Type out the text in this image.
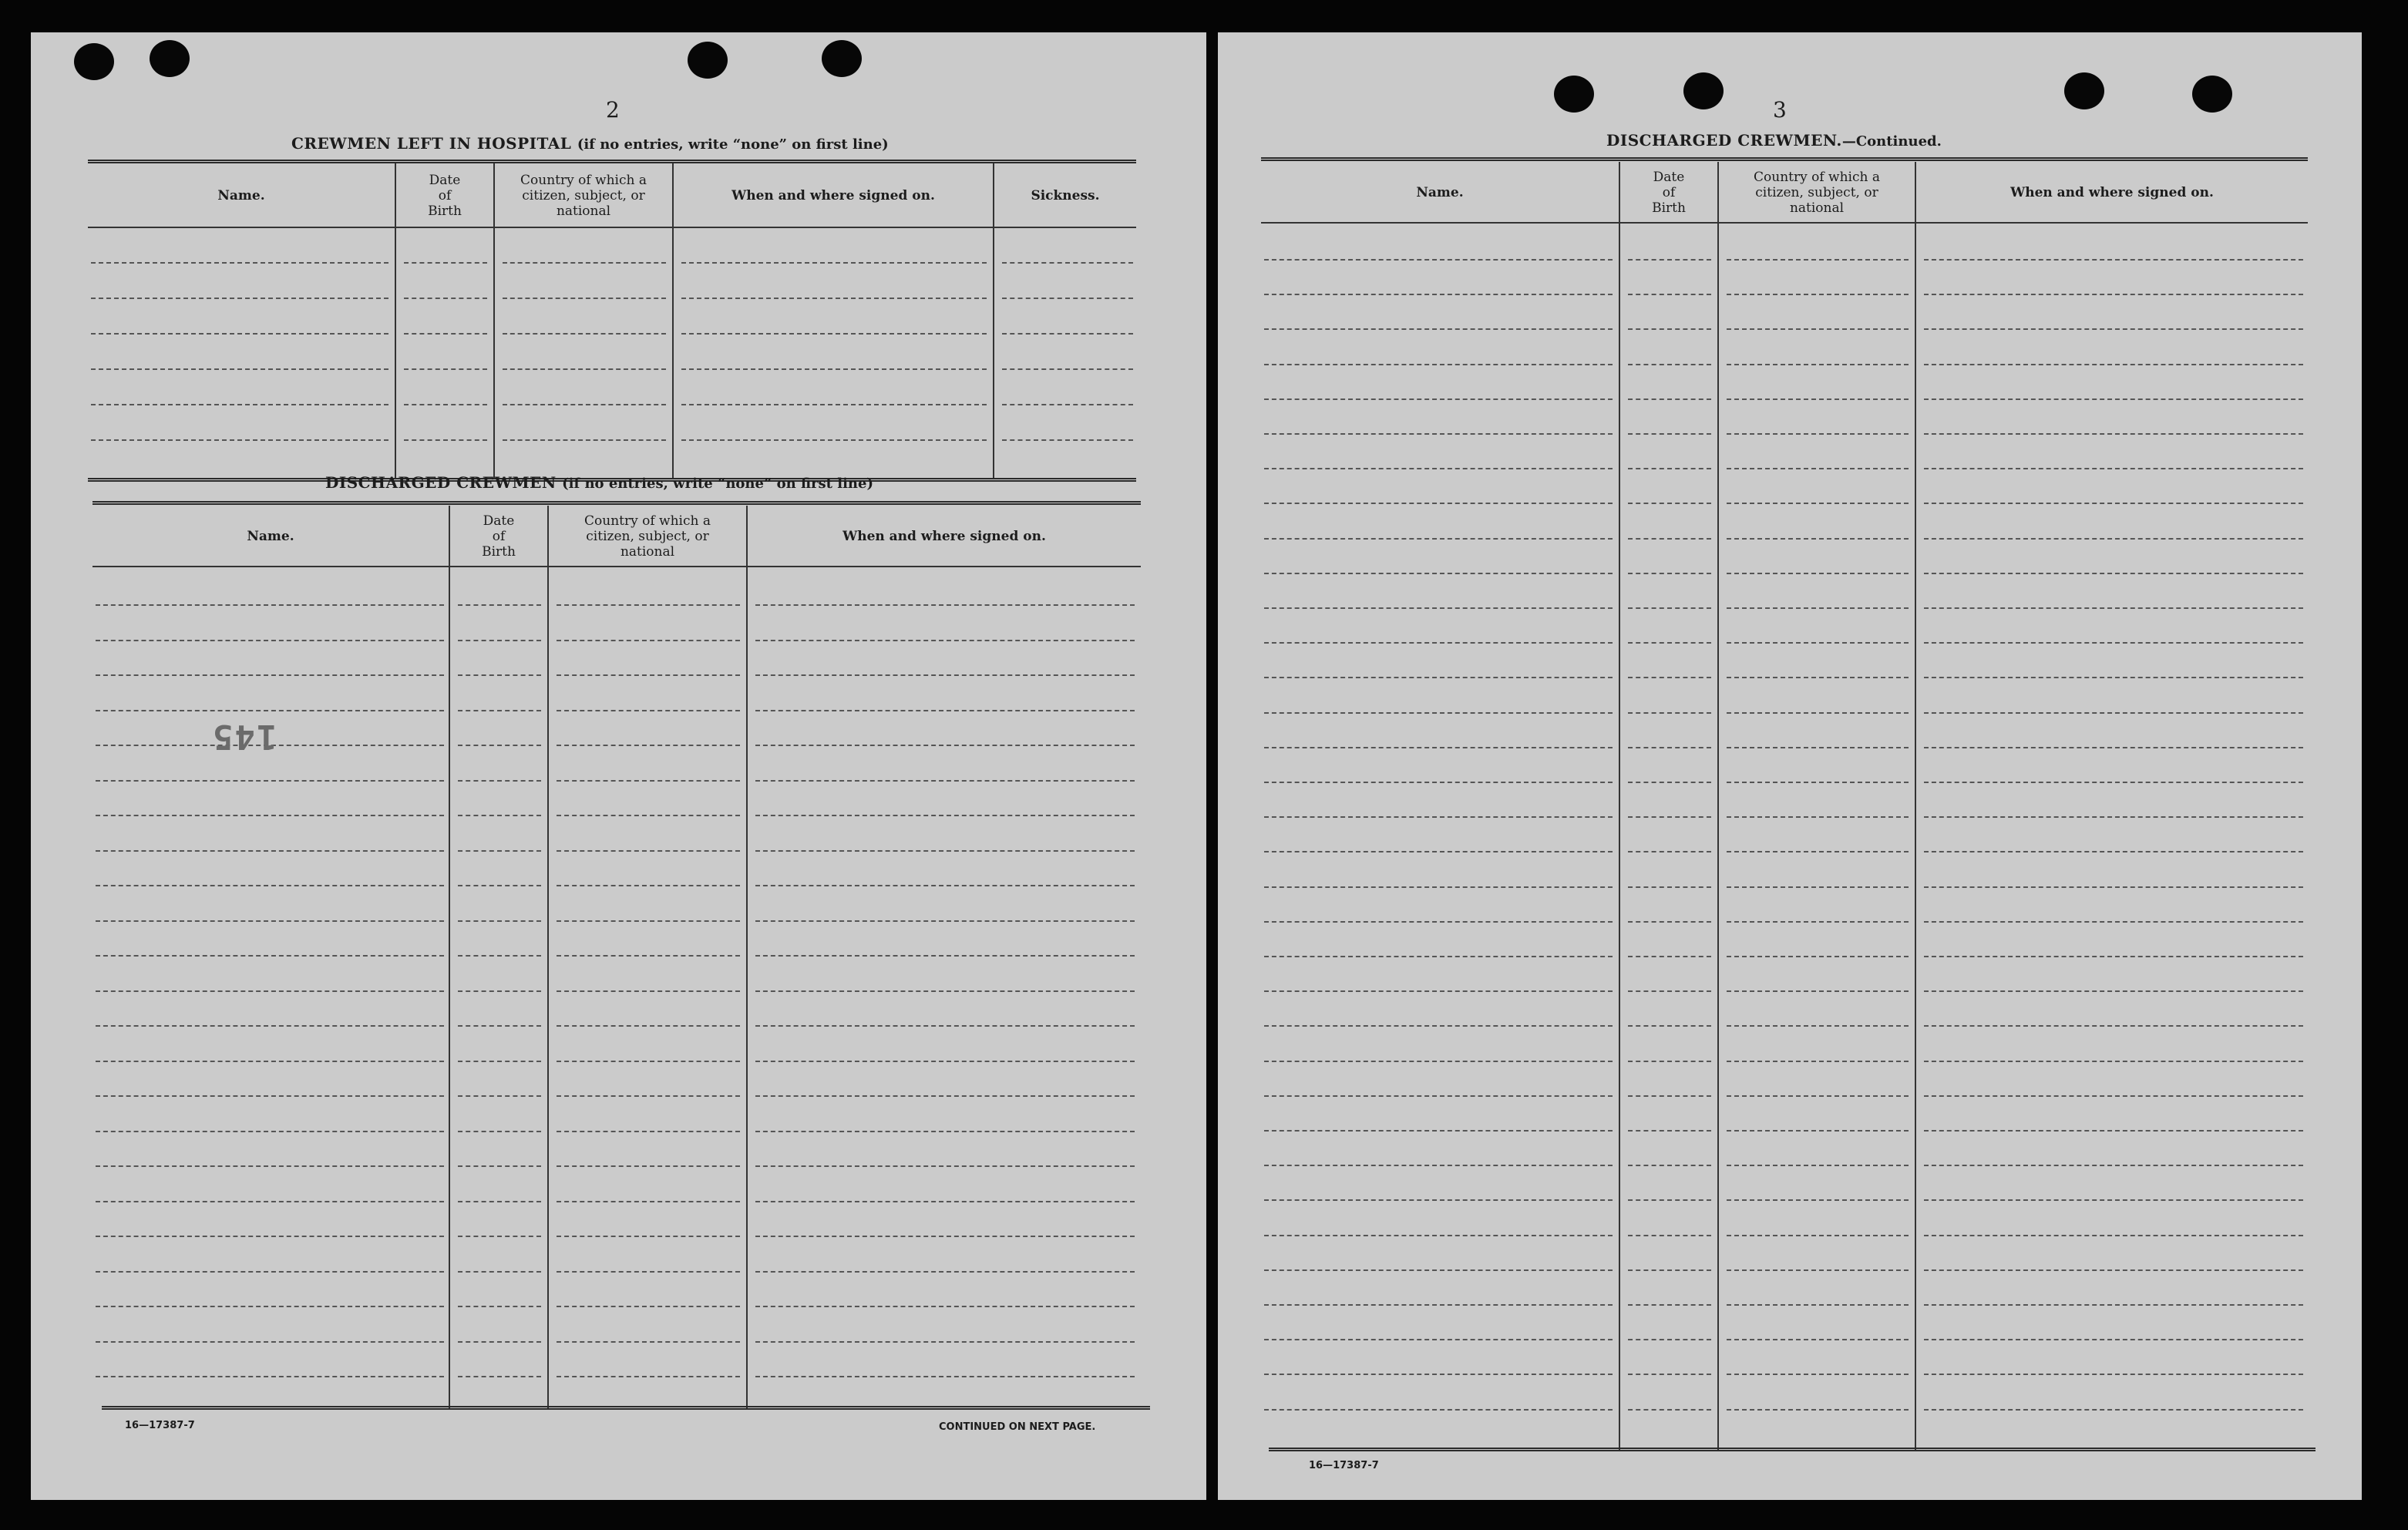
2
CREWMEN LEFT IN HOSPITAL (if no entries, write “none” on first line)
Name.
Date
of
Birth
Country of which a
citizen, subject, or
national
When and where signed on.	Sickness.
DISCHARGED CREWMEN (if no entries, write “none” on first line)
Name.
Date
of
Birth
Country of which a
citizen, subject, or
national
When and where signed on.
145
16—17387-7	CONTINUED ON NEXT PAGE.
3
DISCHARGED CREWMEN.—Continued.
Name.
Date
of
Birth
Country of which a
citizen, subject, or
national
When and where signed on.
16—17387-7
